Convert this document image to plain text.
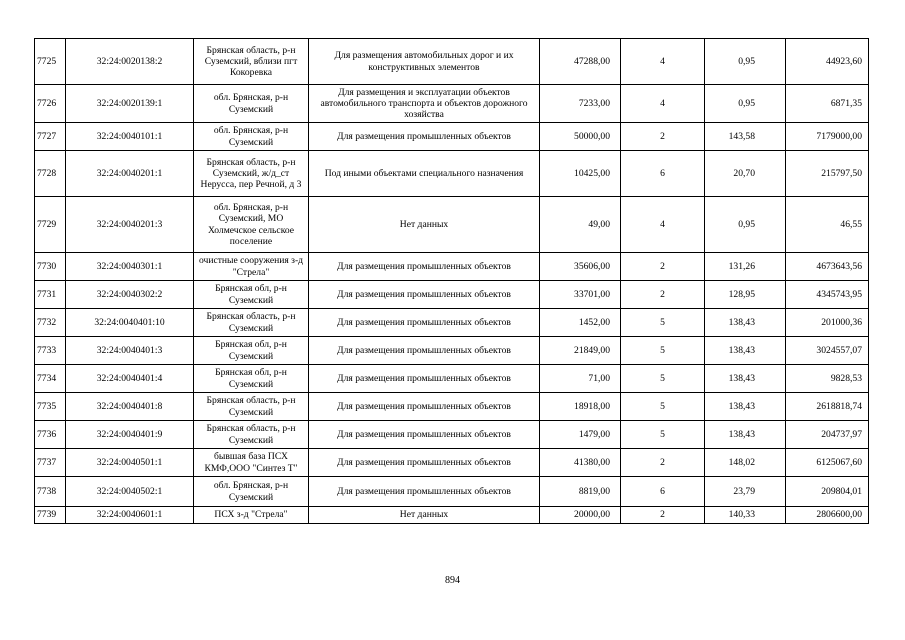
7725	32:24:0020138:2	Брянская область, р-н Суземский, вблизи пгт Кокоревка	Для размещения автомобильных дорог и их конструктивных элементов	47288,00	4	0,95	44923,60
7726	32:24:0020139:1	обл. Брянская, р-н Суземский	Для размещения и эксплуатации объектов автомобильного транспорта и объектов дорожного хозяйства	7233,00	4	0,95	6871,35
7727	32:24:0040101:1	обл. Брянская, р-н Суземский	Для размещения промышленных объектов	50000,00	2	143,58	7179000,00
7728	32:24:0040201:1	Брянская область, р-н Суземский, ж/д_ст Нерусса, пер Речной, д 3	Под иными объектами специального назначения	10425,00	6	20,70	215797,50
7729	32:24:0040201:3	обл. Брянская, р-н Суземский, МО Холмечское сельское поселение	Нет данных	49,00	4	0,95	46,55
7730	32:24:0040301:1	очистные сооружения з-д "Стрела"	Для размещения промышленных объектов	35606,00	2	131,26	4673643,56
7731	32:24:0040302:2	Брянская обл, р-н Суземский	Для размещения промышленных объектов	33701,00	2	128,95	4345743,95
7732	32:24:0040401:10	Брянская область, р-н Суземский	Для размещения промышленных объектов	1452,00	5	138,43	201000,36
7733	32:24:0040401:3	Брянская обл, р-н Суземский	Для размещения промышленных объектов	21849,00	5	138,43	3024557,07
7734	32:24:0040401:4	Брянская обл, р-н Суземский	Для размещения промышленных объектов	71,00	5	138,43	9828,53
7735	32:24:0040401:8	Брянская область, р-н Суземский	Для размещения промышленных объектов	18918,00	5	138,43	2618818,74
7736	32:24:0040401:9	Брянская область, р-н Суземский	Для размещения промышленных объектов	1479,00	5	138,43	204737,97
7737	32:24:0040501:1	бывшая база ПСХ КМФ,ООО "Синтез Т"	Для размещения промышленных объектов	41380,00	2	148,02	6125067,60
7738	32:24:0040502:1	обл. Брянская, р-н Суземский	Для размещения промышленных объектов	8819,00	6	23,79	209804,01
7739	32:24:0040601:1	ПСХ з-д "Стрела"	Нет данных	20000,00	2	140,33	2806600,00
894
